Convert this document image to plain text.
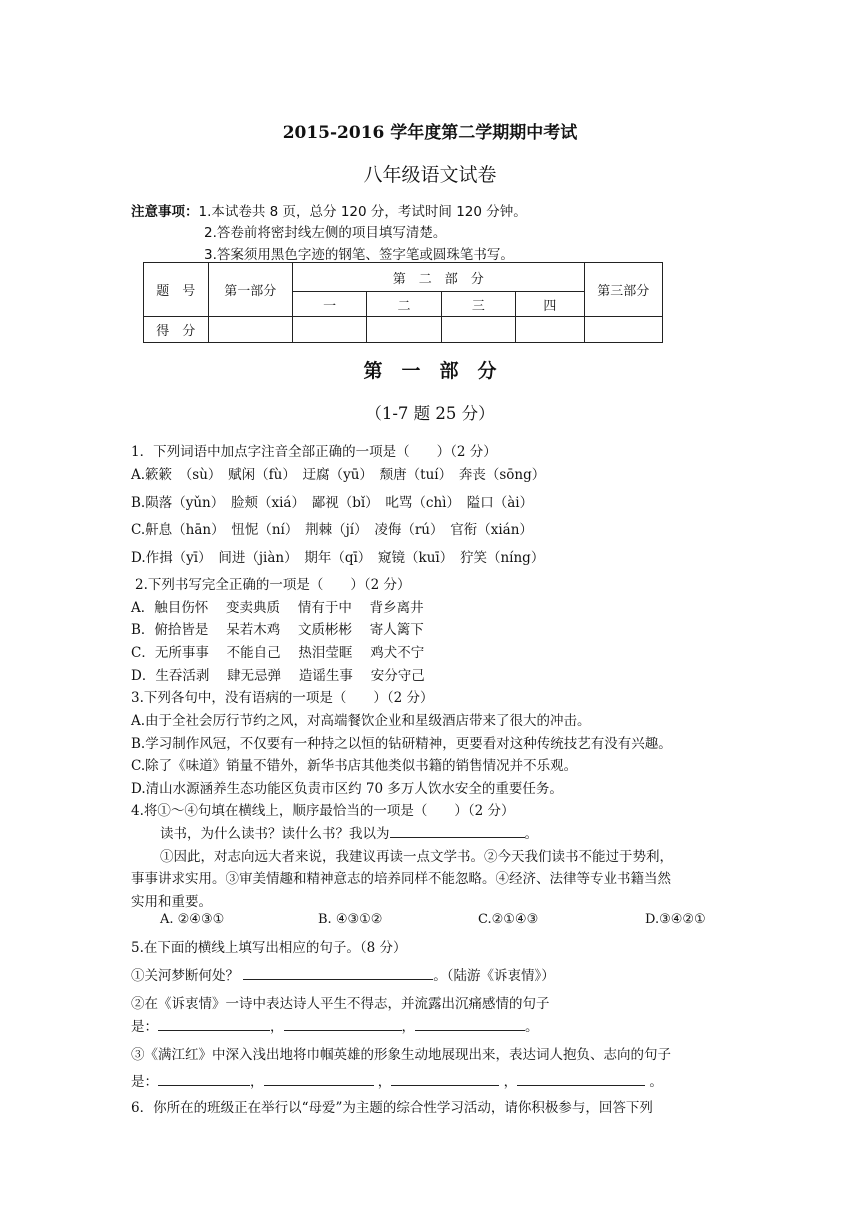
2015-2016 学年度第二学期期中考试
八年级语文试卷
注意事项：1.本试卷共 8 页，总分 120 分，考试时间 120 分钟。
2.答卷前将密封线左侧的项目填写清楚。
3.答案须用黑色字迹的钢笔、签字笔或圆珠笔书写。
题　号	第一部分	第　二　部　分				第三部分
		一	二	三	四	
得　分						
第　一　部　分
（1-7 题 25 分）
1．下列词语中加点字注音全部正确的一项是（　　）（2 分）
A.簌簌　（sù）　赋闲（fù）　迂腐（yū）　颓唐（tuí）　奔丧（sōng）
B.陨落（yǔn）　脸颊（xiá）　鄙视（bǐ）　叱骂（chì）　隘口（ài）
C.鼾息（hān）　忸怩（ní）　荆棘（jí）　凌侮（rú）　官衔（xián）
D.作揖（yī）　间进（jiàn）　期年（qī）　窥镜（kuī）　狞笑（níng）
2.下列书写完全正确的一项是（　　）（2 分）
A．触目伤怀　 变卖典质　 情有于中　 背乡离井
B．俯拾皆是　 呆若木鸡　 文质彬彬　 寄人篱下
C．无所事事　 不能自己　 热泪莹眶　 鸡犬不宁
D．生吞活剥　 肆无忌弹　 造谣生事　 安分守己
3.下列各句中，没有语病的一项是（　　）（2 分）
A.由于全社会厉行节约之风，对高端餐饮企业和星级酒店带来了很大的冲击。
B.学习制作风冠，不仅要有一种持之以恒的钻研精神，更要看对这种传统技艺有没有兴趣。
C.除了《味道》销量不错外，新华书店其他类似书籍的销售情况并不乐观。
D.清山水源涵养生态功能区负责市区约 70 多万人饮水安全的重要任务。
4.将①～④句填在横线上，顺序最恰当的一项是（　　）（2 分）
读书，为什么读书？读什么书？我以为	。
①因此，对志向远大者来说，我建议再读一点文学书。②今天我们读书不能过于势利，
事事讲求实用。③审美情趣和精神意志的培养同样不能忽略。④经济、法律等专业书籍当然
实用和重要。
A. ②④③①	B. ④③①②	C.②①④③	D.③④②①
5.在下面的横线上填写出相应的句子。（8 分）
①关河梦断何处？	。（陆游《诉衷情》）
②在《诉衷情》一诗中表达诗人平生不得志，并流露出沉痛感情的句子
是：	，	，	。
③《满江红》中深入浅出地将巾帼英雄的形象生动地展现出来，表达词人抱负、志向的句子
是：	，	，	，	。
6．你所在的班级正在举行以“母爱”为主题的综合性学习活动，请你积极参与，回答下列
